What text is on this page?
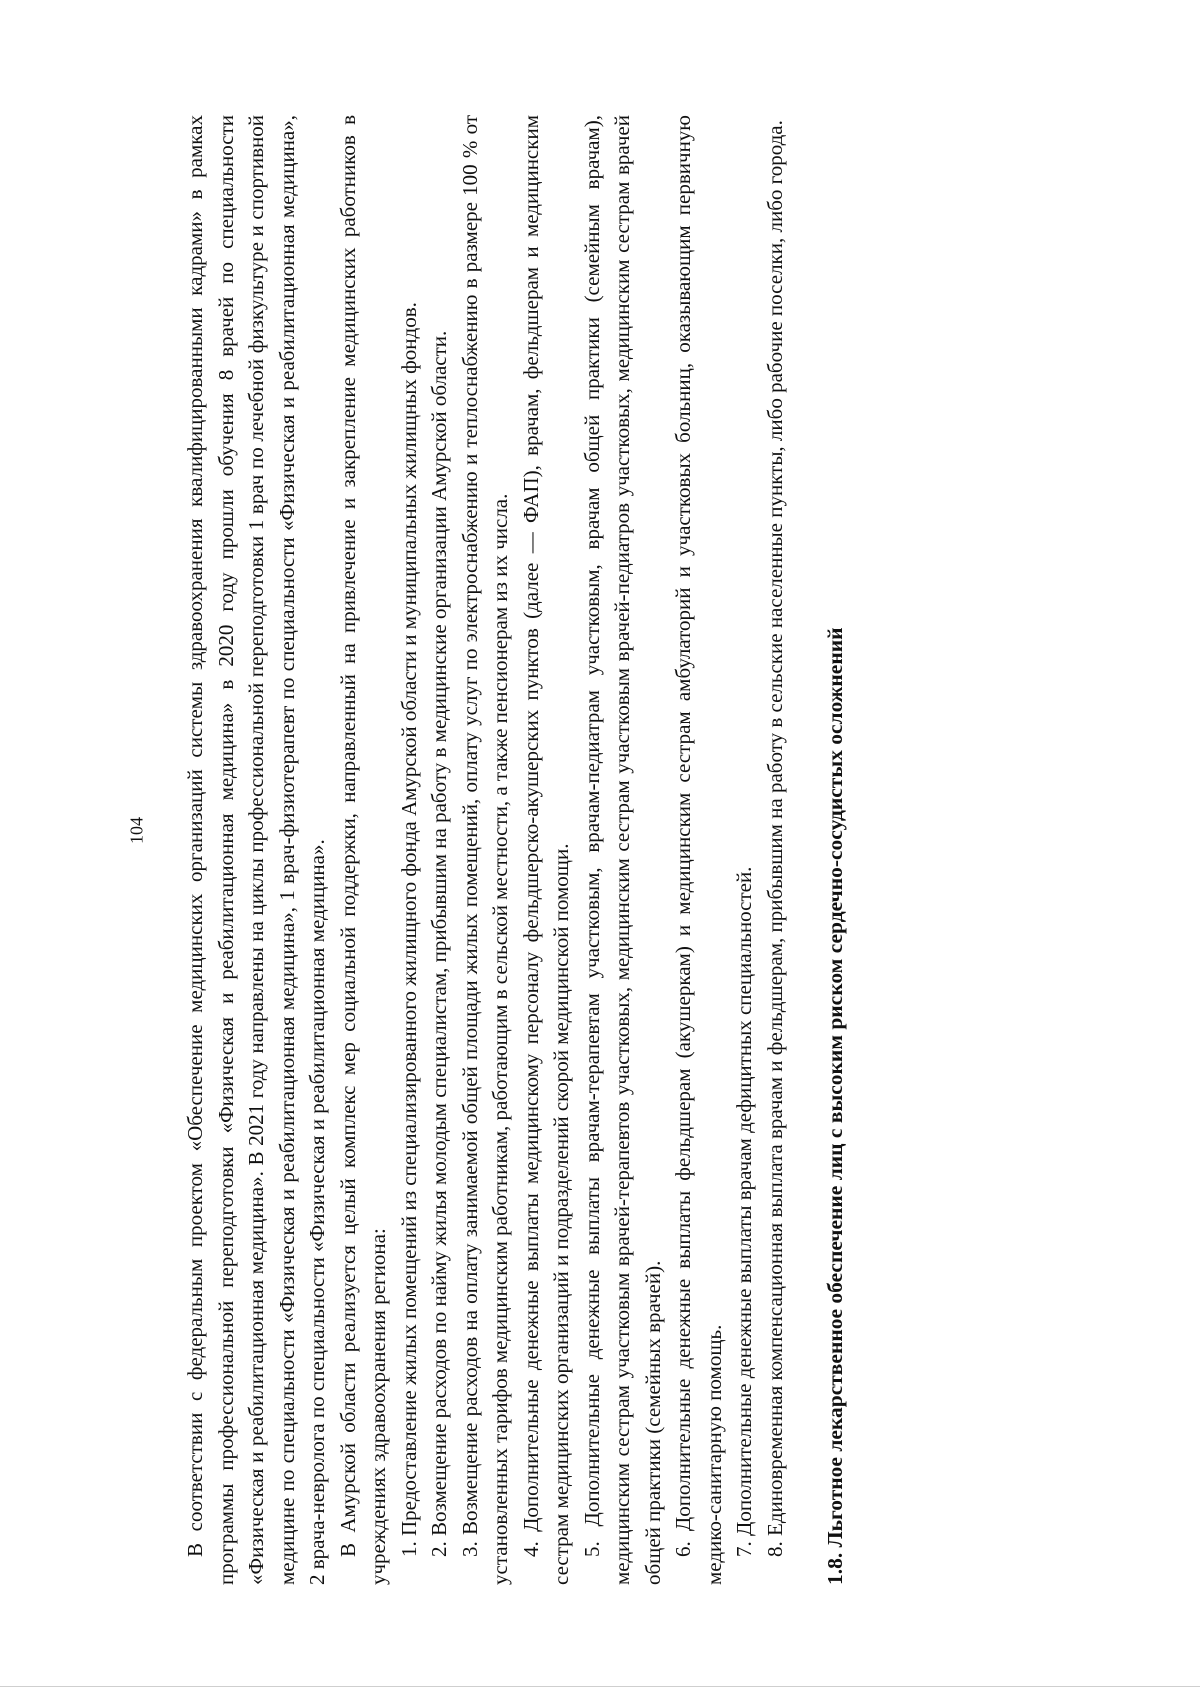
104 В соответствии с федеральным проектом «Обеспечение медицинских организаций системы здравоохранения квалифицированными кадрами» в рамках программы профессиональной переподготовки «Физическая и реабилитационная медицина» в 2020 году прошли обучения 8 врачей по специальности «Физическая и реабилитационная медицина». В 2021 году направлены на циклы профессиональной переподготовки 1 врач по лечебной физкультуре и спортивной медицине по специальности «Физическая и реабилитационная медицина», 1 врач-физиотерапевт по специальности «Физическая и реабилитационная медицина», 2 врача-невролога по специальности «Физическая и реабилитационная медицина». В Амурской области реализуется целый комплекс мер социальной поддержки, направленный на привлечение и закрепление медицинских работников в учреждениях здравоохранения региона: 1. Предоставление жилых помещений из специализированного жилищного фонда Амурской области и муниципальных жилищных фондов. 2. Возмещение расходов по найму жилья молодым специалистам, прибывшим на работу в медицинские организации Амурской области. 3. Возмещение расходов на оплату занимаемой общей площади жилых помещений, оплату услуг по электроснабжению и теплоснабжению в размере 100 % от установленных тарифов медицинским работникам, работающим в сельской местности, а также пенсионерам из их числа. 4. Дополнительные денежные выплаты медицинскому персоналу фельдшерско-акушерских пунктов (далее — ФАП), врачам, фельдшерам и медицинским сестрам медицинских организаций и подразделений скорой медицинской помощи. 5. Дополнительные денежные выплаты врачам-терапевтам участковым, врачам-педиатрам участковым, врачам общей практики (семейным врачам), медицинским сестрам участковым врачей-терапевтов участковых, медицинским сестрам участковым врачей-педиатров участковых, медицинским сестрам врачей общей практики (семейных врачей). 6. Дополнительные денежные выплаты фельдшерам (акушеркам) и медицинским сестрам амбулаторий и участковых больниц, оказывающим первичную медико-санитарную помощь. 7. Дополнительные денежные выплаты врачам дефицитных специальностей. 8. Единовременная компенсационная выплата врачам и фельдшерам, прибывшим на работу в сельские населенные пункты, либо рабочие поселки, либо города. 1.8. Льготное лекарственное обеспечение лиц с высоким риском сердечно-сосудистых осложнений
